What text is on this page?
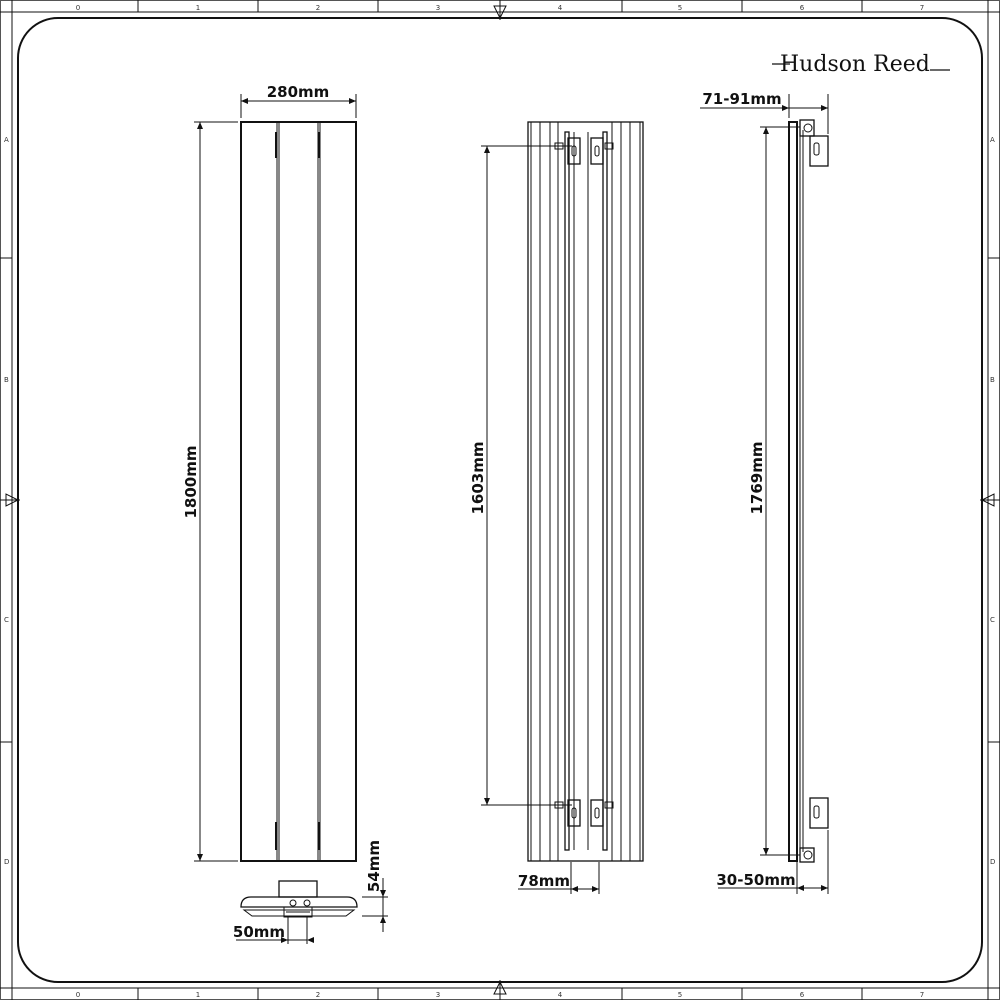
0	1	2	3	4	5	6	7
0	1	2	3	4	5	6	7
A
B
C
D
A
B
C
D
Hudson Reed
280mm
1800mm
54mm
50mm
1603mm
78mm
71-91mm
1769mm
30-50mm
